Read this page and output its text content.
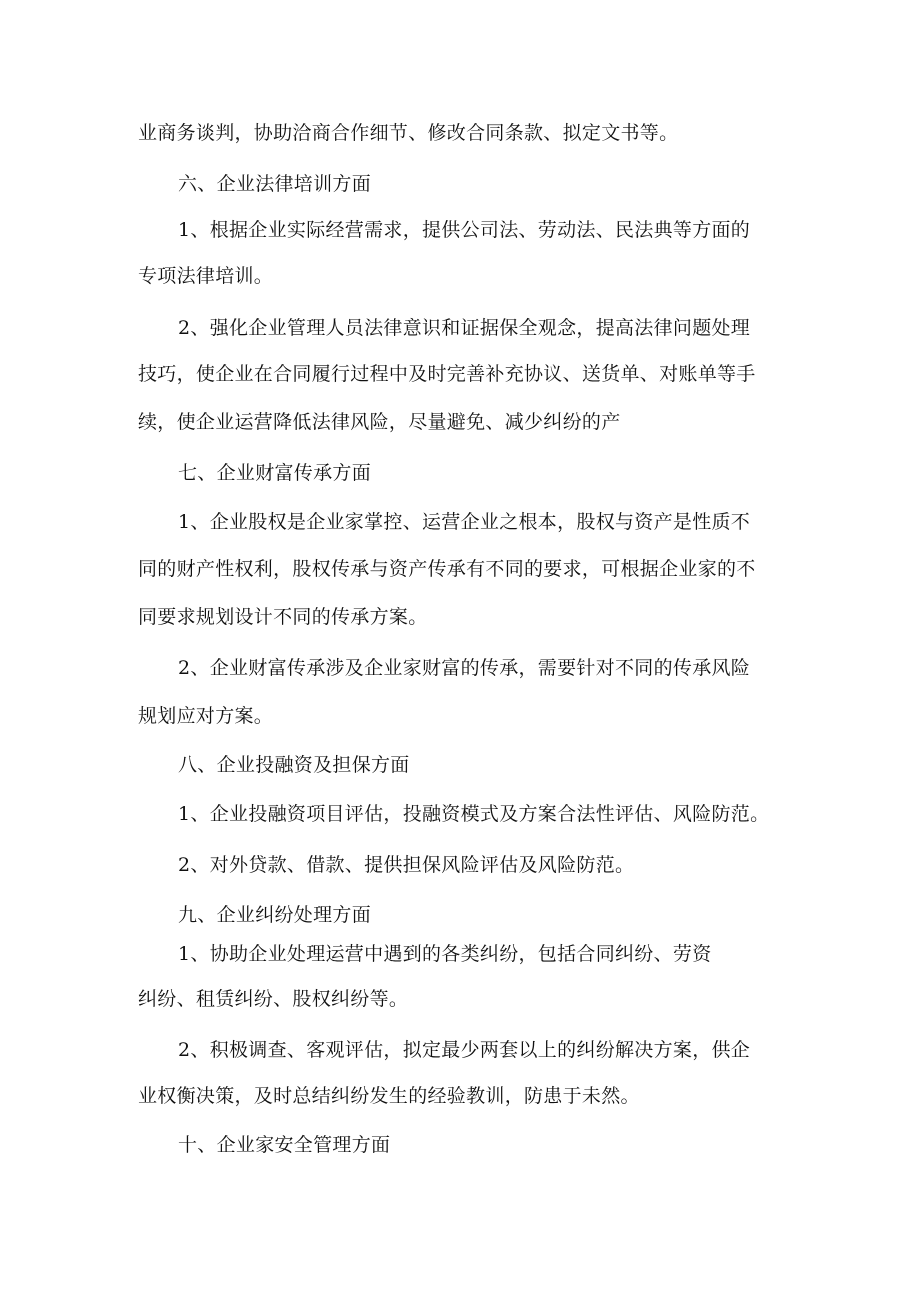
业商务谈判，协助洽商合作细节、修改合同条款、拟定文书等。
六、企业法律培训方面
1、根据企业实际经营需求，提供公司法、劳动法、民法典等方面的
专项法律培训。
2、强化企业管理人员法律意识和证据保全观念，提高法律问题处理
技巧，使企业在合同履行过程中及时完善补充协议、送货单、对账单等手
续，使企业运营降低法律风险，尽量避免、减少纠纷的产
七、企业财富传承方面
1、企业股权是企业家掌控、运营企业之根本，股权与资产是性质不
同的财产性权利，股权传承与资产传承有不同的要求，可根据企业家的不
同要求规划设计不同的传承方案。
2、企业财富传承涉及企业家财富的传承，需要针对不同的传承风险
规划应对方案。
八、企业投融资及担保方面
1、企业投融资项目评估，投融资模式及方案合法性评估、风险防范。
2、对外贷款、借款、提供担保风险评估及风险防范。
九、企业纠纷处理方面
1、协助企业处理运营中遇到的各类纠纷，包括合同纠纷、劳资
纠纷、租赁纠纷、股权纠纷等。
2、积极调查、客观评估，拟定最少两套以上的纠纷解决方案，供企
业权衡决策，及时总结纠纷发生的经验教训，防患于未然。
十、企业家安全管理方面
